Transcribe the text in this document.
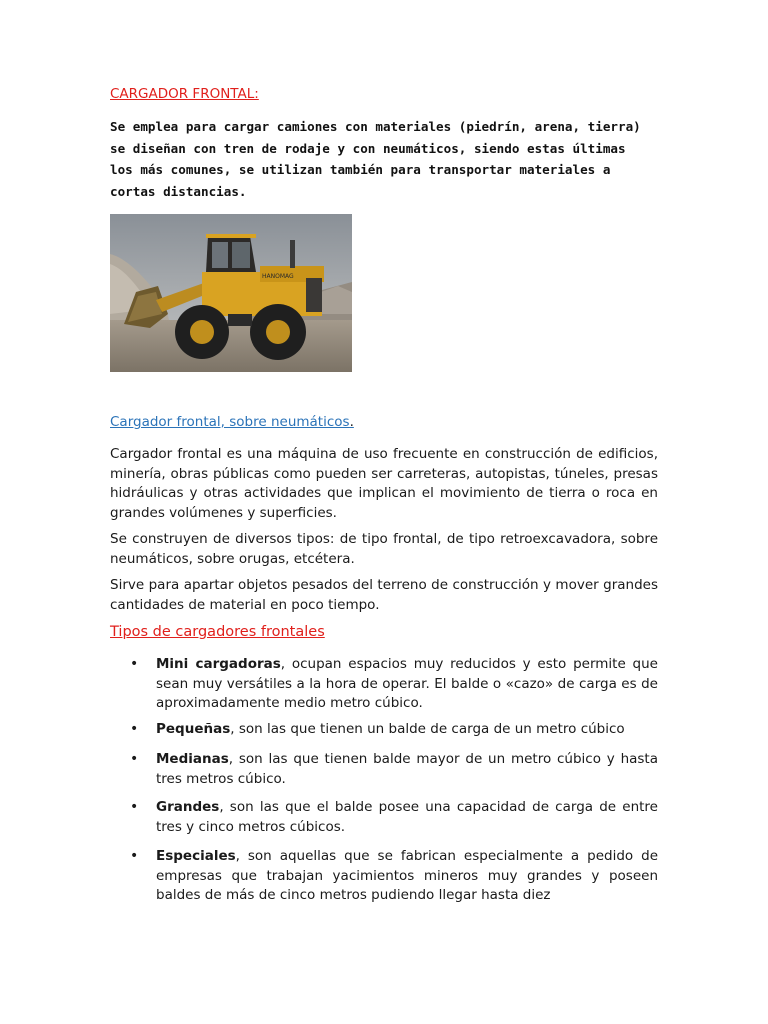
CARGADOR FRONTAL:

Se emplea para cargar camiones con materiales (piedrín, arena, tierra) se diseñan con tren de rodaje y con neumáticos, siendo estas últimas los más comunes, se utilizan también para transportar materiales a cortas distancias.

HANOMAG

Cargador frontal, sobre neumáticos.

Cargador frontal es una máquina de uso frecuente en construcción de edificios, minería, obras públicas como pueden ser carreteras, autopistas, túneles, presas hidráulicas y otras actividades que implican el movimiento de tierra o roca en grandes volúmenes y superficies.

Se construyen de diversos tipos: de tipo frontal, de tipo retroexcavadora, sobre neumáticos, sobre orugas, etcétera.

Sirve para apartar objetos pesados del terreno de construcción y mover grandes cantidades de material en poco tiempo.

Tipos de cargadores frontales
• Mini cargadoras, ocupan espacios muy reducidos y esto permite que sean muy versátiles a la hora de operar. El balde o «cazo» de carga es de aproximadamente medio metro cúbico.
• Pequeñas, son las que tienen un balde de carga de un metro cúbico
• Medianas, son las que tienen balde mayor de un metro cúbico y hasta tres metros cúbico.
• Grandes, son las que el balde posee una capacidad de carga de entre tres y cinco metros cúbicos.
• Especiales, son aquellas que se fabrican especialmente a pedido de empresas que trabajan yacimientos mineros muy grandes y poseen baldes de más de cinco metros pudiendo llegar hasta diez
